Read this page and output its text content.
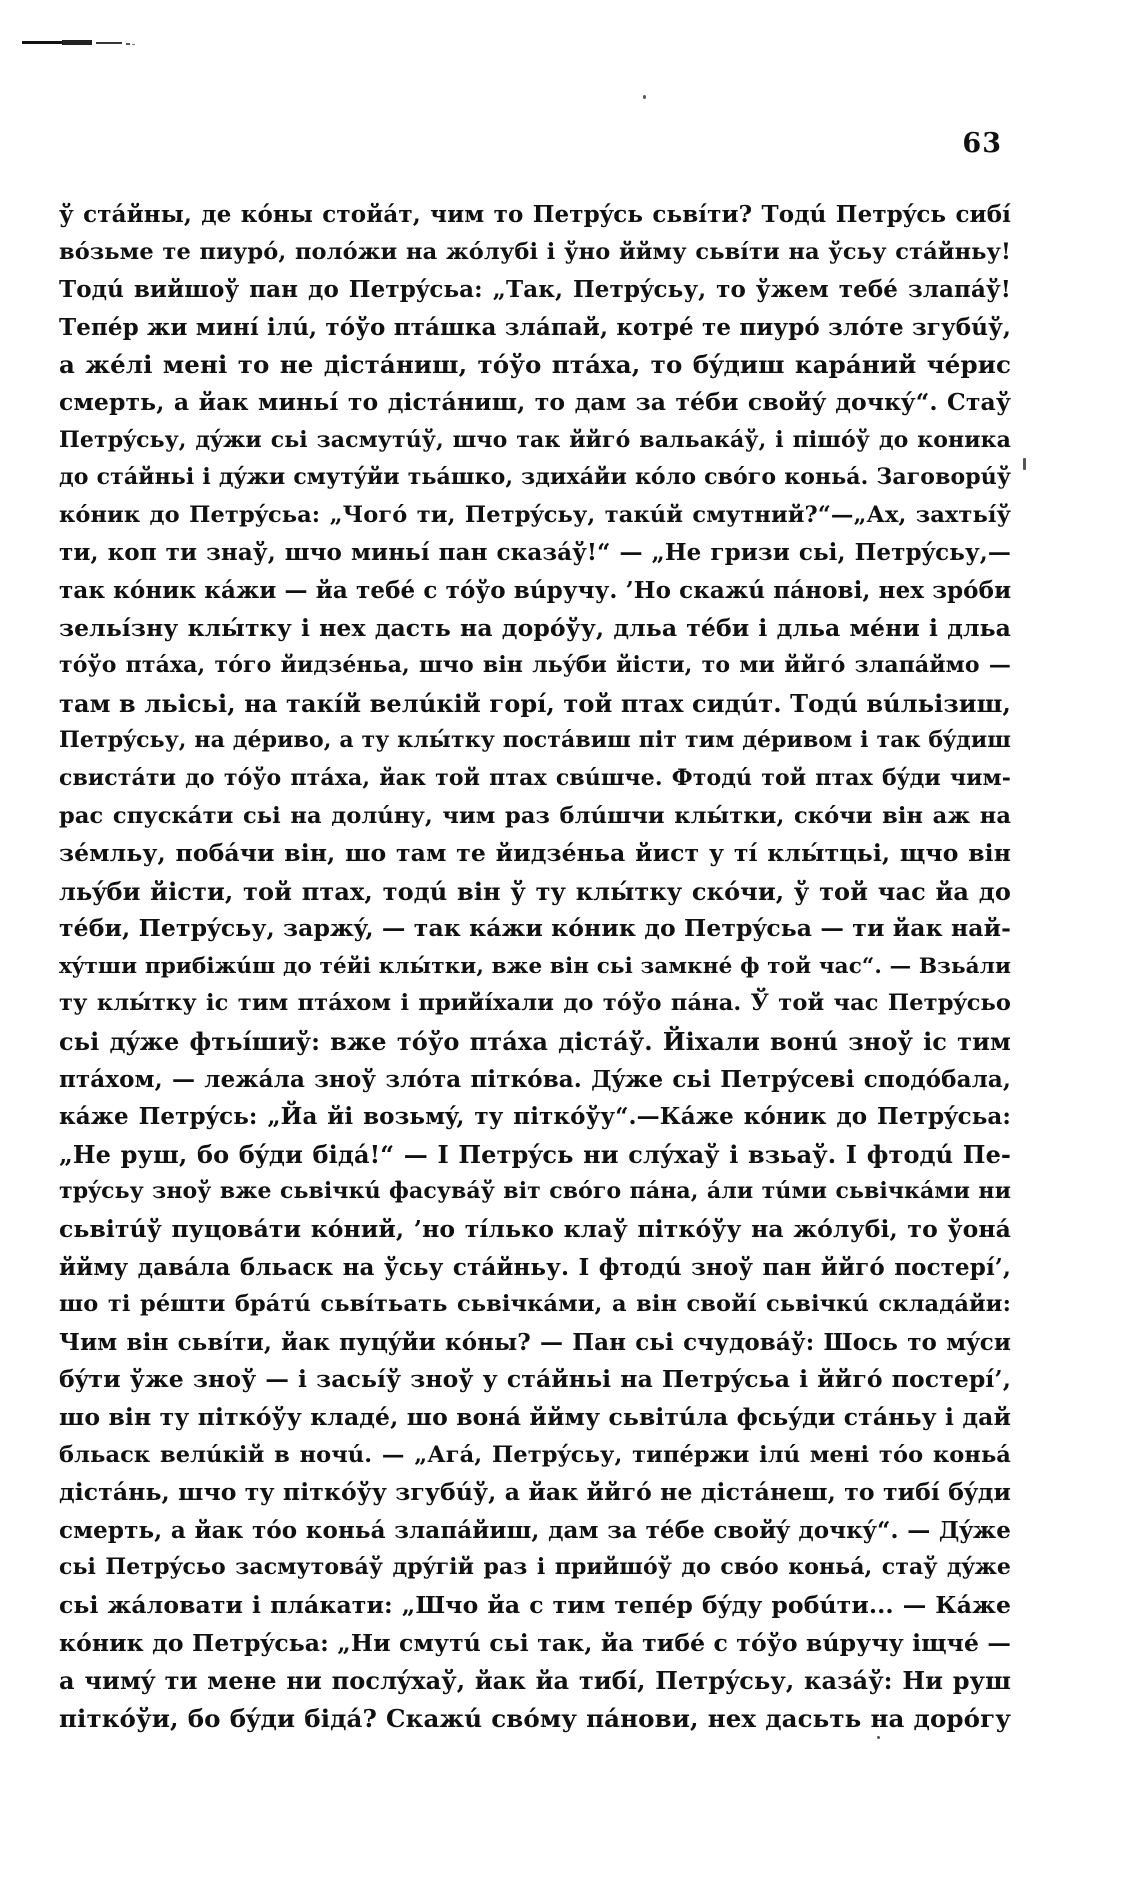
63
ў стáйны, де кóны стойáт, чим то Петрýсь сьвíти? Тодú Петрýсь сибí
вóзьме те пиуро́, полóжи на жóлубі і ўно ййму сьвíти на ўсьу стáйньу!
Тодú вийшоў пан до Петрýсьа: „Так, Петрýсьу, то ўжем тебé злапáў!
Тепéр жи минí ілú, тóўо птáшка злáпай, котрé те пиуро́ злóте згубúў,
а жéлі мені то не дістáниш, тóўо птáха, то бýдиш карáний чéрис
смерть, а йак миньí то дістáниш, то дам за тéби свойý дочкý“. Стаў
Петрýсьу, дýжи сьі засмутúў, шчо так ййгó вальакáў, і пішóў до коника
до стáйньі і дýжи смутýйи тьáшко, здихáйи кóло свóго коньá. Заговорúў
кóник до Петрýсьа: „Чогó ти, Петрýсьу, такúй смутний?“—„Ах, захтьíў
ти, коп ти знаў, шчо миньí пан сказáў!“ — „Не гризи сьі, Петрýсьу,—
так кóник кáжи — йа тебé с тóўо вúручу. ’Но скажú пáнові, нех зрóби
зельíзну клы́тку і нех дасть на дорóўу, дльа тéби і дльа мéни і дльа
тóўо птáха, тóго йидзéньа, шчо він льýби йісти, то ми ййгó злапáймо —
там в льісьі, на такíй велúкій горí, той птах сидúт. Тодú вúльізиш,
Петрýсьу, на дéриво, а ту клы́тку постáвиш піт тим дéривом і так бýдиш
свистáти до тóўо птáха, йак той птах свúшче. Фтодú той птах бýди чим-
рас спускáти сьі на долúну, чим раз блúшчи клы́тки, скóчи він аж на
зéмльу, побáчи він, шо там те йидзéньа йист у тí клы́тцьі, щчо він
льýби йісти, той птах, тодú він ў ту клы́тку скóчи, ў той час йа до
тéби, Петрýсьу, заржý, — так кáжи кóник до Петрýсьа — ти йак най-
хýтши прибіжúш до тéйі клы́тки, вже він сьі замкнé ф той час“. — Взьáли
ту клы́тку іс тим птáхом і прийíхали до тóўо пáна. Ў той час Петрýсьо
сьі дýже фтьíшиў: вже тóўо птáха дістáў. Йіхали вонú зноў іс тим
птáхом, — лежáла зноў злóта піткóва. Дýже сьі Петрýсеві сподóбала,
кáже Петрýсь: „Йа йі возьмý, ту піткóўу“.—Кáже кóник до Петрýсьа:
„Не руш, бо бýди бідá!“ — І Петрýсь ни слýхаў і взьаў. І фтодú Пе-
трýсьу зноў вже сьвічкú фасувáў віт свóго пáна, áли тúми сьвічкáми ни
сьвітúў пуцовáти кóний, ’но тíлько клаў піткóўу на жóлубі, то ўонá
ййму давáла бльаск на ўсьу стáйньу. І фтодú зноў пан ййгó постерí’,
шо ті рéшти брáтú сьвíтьать сьвічкáми, а він свойí сьвічкú складáйи:
Чим він сьвíти, йак пуцýйи кóны? — Пан сьі счудовáў: Шось то мýси
бýти ўже зноў — і засьíў зноў у стáйньі на Петрýсьа і ййгó постерí’,
шо він ту піткóўу кладé, шо вонá ййму сьвітúла фсьýди стáньу і дай
бльаск велúкій в ночú. — „Агá, Петрýсьу, типéржи ілú мені тóо коньá
дістáнь, шчо ту піткóўу згубúў, а йак ййгó не дістáнеш, то тибí бýди
смерть, а йак тóо коньá злапáйиш, дам за тéбе свойý дочкý“. — Дýже
сьі Петрýсьо засмутовáў дрýгій раз і прийшóў до свóо коньá, стаў дýже
сьі жáловати і плáкати: „Шчо йа с тим тепéр бýду робúти... — Кáже
кóник до Петрýсьа: „Ни смутú сьі так, йа тибé с тóўо вúручу іщчé —
а чимý ти мене ни послýхаў, йак йа тибí, Петрýсьу, казáў: Ни руш
піткóўи, бо бýди бідá? Скажú свóму пáнови, нех дасьть на дорóгу
